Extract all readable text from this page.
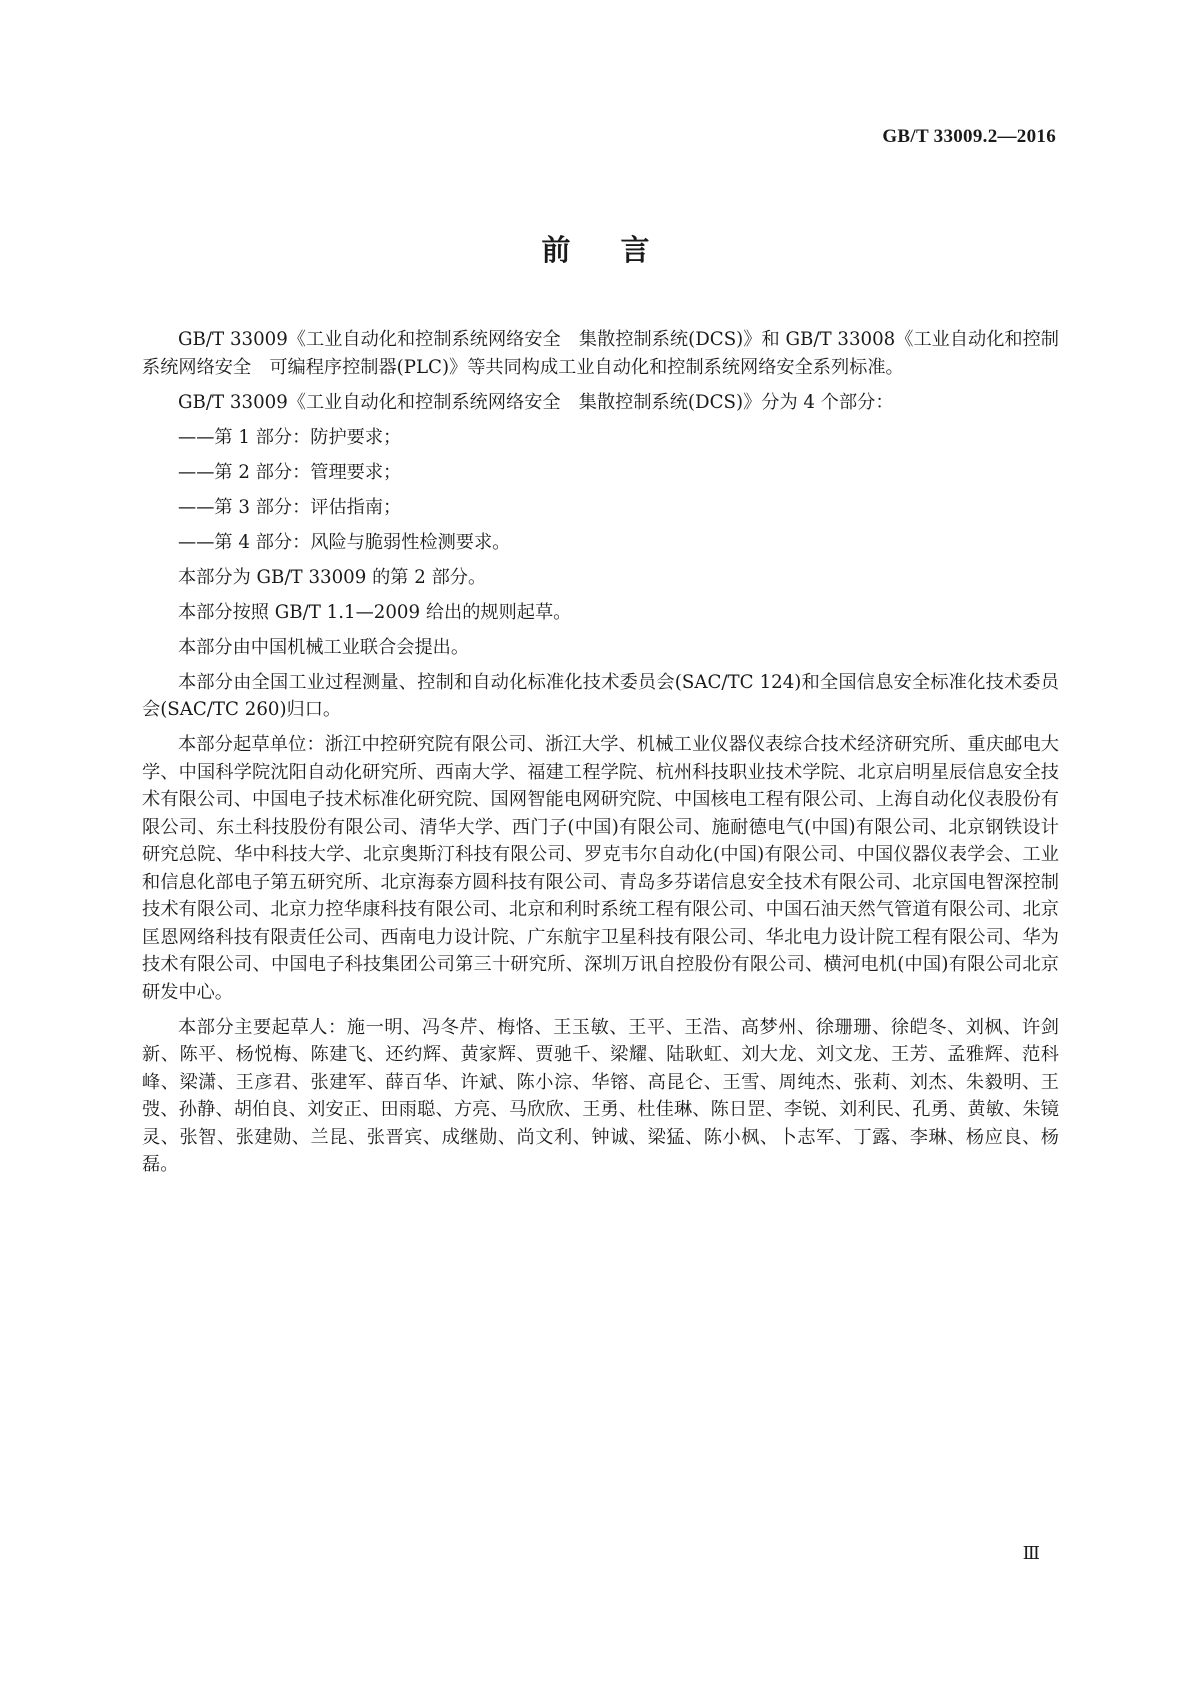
GB/T 33009.2—2016
前言

GB/T 33009《工业自动化和控制系统网络安全　集散控制系统(DCS)》和 GB/T 33008《工业自动化和控制系统网络安全　可编程序控制器(PLC)》等共同构成工业自动化和控制系统网络安全系列标准。

GB/T 33009《工业自动化和控制系统网络安全　集散控制系统(DCS)》分为 4 个部分：

——第 1 部分：防护要求；

——第 2 部分：管理要求；

——第 3 部分：评估指南；

——第 4 部分：风险与脆弱性检测要求。

本部分为 GB/T 33009 的第 2 部分。

本部分按照 GB/T 1.1—2009 给出的规则起草。

本部分由中国机械工业联合会提出。

本部分由全国工业过程测量、控制和自动化标准化技术委员会(SAC/TC 124)和全国信息安全标准化技术委员会(SAC/TC 260)归口。

本部分起草单位：浙江中控研究院有限公司、浙江大学、机械工业仪器仪表综合技术经济研究所、重庆邮电大学、中国科学院沈阳自动化研究所、西南大学、福建工程学院、杭州科技职业技术学院、北京启明星辰信息安全技术有限公司、中国电子技术标准化研究院、国网智能电网研究院、中国核电工程有限公司、上海自动化仪表股份有限公司、东土科技股份有限公司、清华大学、西门子(中国)有限公司、施耐德电气(中国)有限公司、北京钢铁设计研究总院、华中科技大学、北京奥斯汀科技有限公司、罗克韦尔自动化(中国)有限公司、中国仪器仪表学会、工业和信息化部电子第五研究所、北京海泰方圆科技有限公司、青岛多芬诺信息安全技术有限公司、北京国电智深控制技术有限公司、北京力控华康科技有限公司、北京和利时系统工程有限公司、中国石油天然气管道有限公司、北京匡恩网络科技有限责任公司、西南电力设计院、广东航宇卫星科技有限公司、华北电力设计院工程有限公司、华为技术有限公司、中国电子科技集团公司第三十研究所、深圳万讯自控股份有限公司、横河电机(中国)有限公司北京研发中心。

本部分主要起草人：施一明、冯冬芹、梅恪、王玉敏、王平、王浩、高梦州、徐珊珊、徐皑冬、刘枫、许剑新、陈平、杨悦梅、陈建飞、还约辉、黄家辉、贾驰千、梁耀、陆耿虹、刘大龙、刘文龙、王芳、孟雅辉、范科峰、梁潇、王彦君、张建军、薛百华、许斌、陈小淙、华镕、高昆仑、王雪、周纯杰、张莉、刘杰、朱毅明、王弢、孙静、胡伯良、刘安正、田雨聪、方亮、马欣欣、王勇、杜佳琳、陈日罡、李锐、刘利民、孔勇、黄敏、朱镜灵、张智、张建勋、兰昆、张晋宾、成继勋、尚文利、钟诚、梁猛、陈小枫、卜志军、丁露、李琳、杨应良、杨磊。

Ⅲ
